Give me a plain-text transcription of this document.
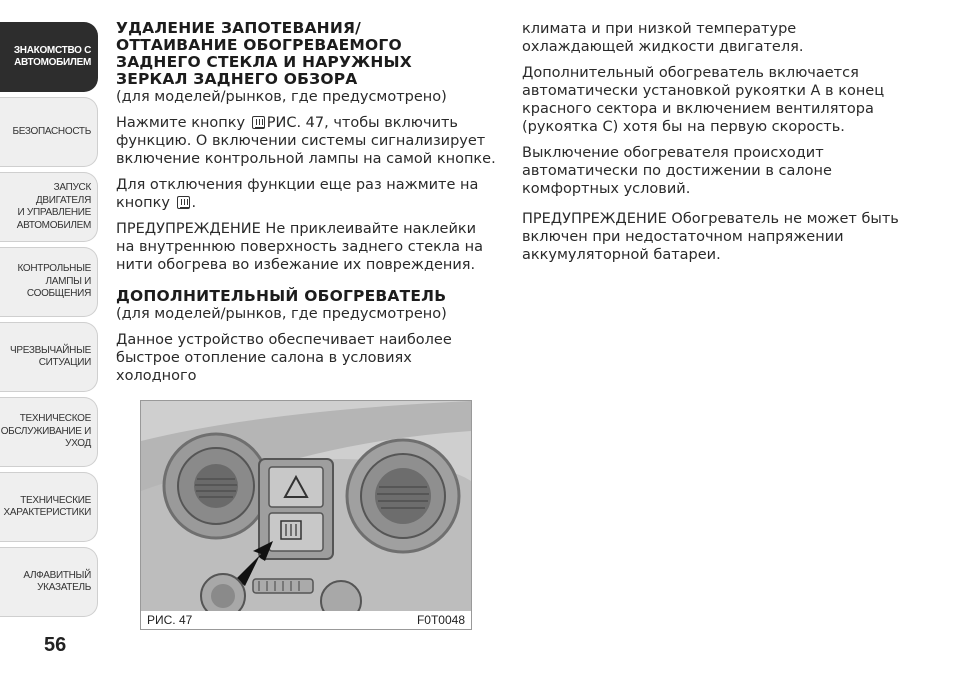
ЗНАКОМСТВО С
АВТОМОБИЛЕМ
БЕЗОПАСНОСТЬ
ЗАПУСК ДВИГАТЕЛЯ
И УПРАВЛЕНИЕ
АВТОМОБИЛЕМ
КОНТРОЛЬНЫЕ
ЛАМПЫ И
СООБЩЕНИЯ
ЧРЕЗВЫЧАЙНЫЕ
СИТУАЦИИ
ТЕХНИЧЕСКОЕ
ОБСЛУЖИВАНИЕ И
УХОД
ТЕХНИЧЕСКИЕ
ХАРАКТЕРИСТИКИ
АЛФАВИТНЫЙ
УКАЗАТЕЛЬ
56
УДАЛЕНИЕ ЗАПОТЕВАНИЯ/
ОТТАИВАНИЕ ОБОГРЕВАЕМОГО
ЗАДНЕГО СТЕКЛА И НАРУЖНЫХ
ЗЕРКАЛ ЗАДНЕГО ОБЗОРА

(для моделей/рынков, где предусмотрено)

Нажмите кнопку РИС. 47, чтобы включить функцию. О включении системы сигнализирует включение контрольной лампы на самой кнопке.

Для отключения функции еще раз нажмите на кнопку .

ПРЕДУПРЕЖДЕНИЕ Не приклеивайте наклейки на внутреннюю поверхность заднего стекла на нити обогрева во избежание их повреждения.

ДОПОЛНИТЕЛЬНЫЙ ОБОГРЕВАТЕЛЬ

(для моделей/рынков, где предусмотрено)

Данное устройство обеспечивает наиболее быстрое отопление салона в условиях холодного

климата и при низкой температуре охлаждающей жидкости двигателя.

Дополнительный обогреватель включается автоматически установкой рукоятки А в конец красного сектора и включением вентилятора (рукоятка С) хотя бы на первую скорость.

Выключение обогревателя происходит автоматически по достижении в салоне комфортных условий.

ПРЕДУПРЕЖДЕНИЕ Обогреватель не может быть включен при недостаточном напряжении аккумуляторной батареи.

РИС. 47	F0T0048
